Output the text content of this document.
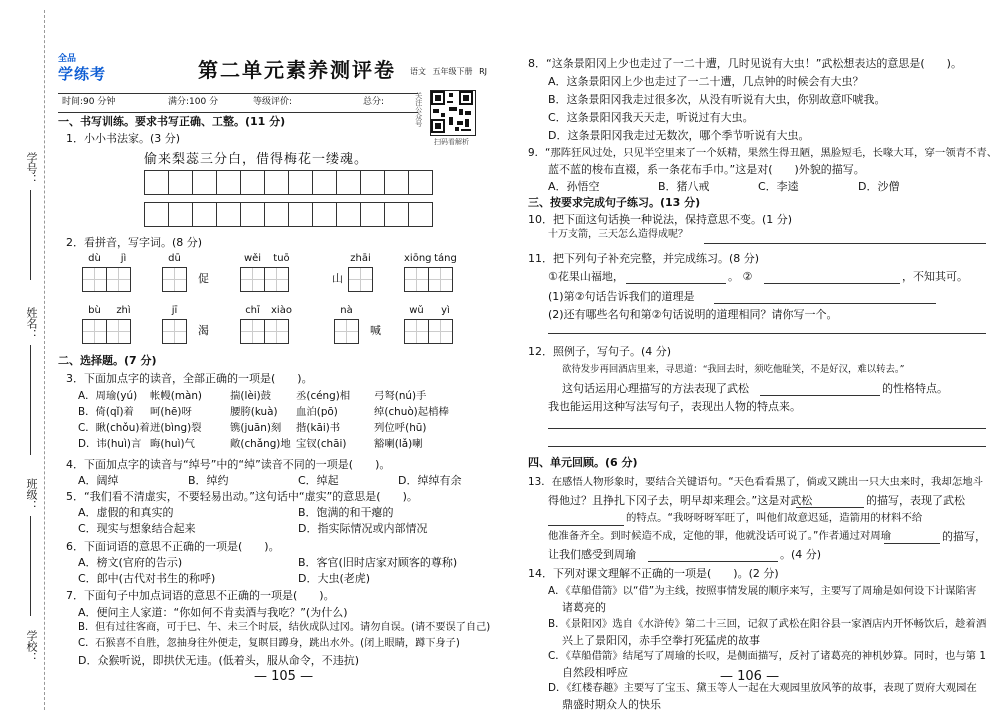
学号：
姓名：
班级：
学校：
全品
学练考	第二单元素养测评卷 语文 五年级下册 RJ
关注公众号
扫码看解析
时间:90 分钟	满分:100 分	等级评价:	总分:
一、书写训练。要求书写正确、工整。(11 分)
1．小小书法家。(3 分)
偷来梨蕊三分白，借得梅花一缕魂。
2．看拼音，写字词。(8 分)
dù	jì	dū
促
wěi	tuō
山
zhāi	xiōng táng
bù	zhì	jī
渴
chī	xiào	nà
喊
wǔ	yì
二、选择题。(7 分)
3．下面加点字的读音，全部正确的一项是(　　)。
A．周瑜(yú) 帐幔(màn)	揣(lèi)鼓 丞(céng)相 弓弩(nú)手
B．倚(qǐ)着 呵(hē)呀	腰胯(kuà) 血泊(pō)	绰(chuò)起梢棒
C．瞅(chǒu)着 迸(bìng)裂	镌(juān)刻 揩(kāi)书	列位呼(hū)
D．讳(huì)言 晦(huì)气	敞(chǎng)地 宝钗(chāi)	豁喇(lǎ)喇
4．下面加点字的读音与“绰号”中的“绰”读音不同的一项是(　　)。
A．阔绰	B．绰约	C．绰起	D．绰绰有余
5．“我们看不清虚实，不要轻易出动。”这句话中“虚实”的意思是(　　)。
A．虚假的和真实的	B．饱满的和干瘪的
C．现实与想象结合起来	D．指实际情况或内部情况
6．下面词语的意思不正确的一项是(　　)。
A．榜文(官府的告示)	B．客官(旧时店家对顾客的尊称)
C．郎中(古代对书生的称呼)	D．大虫(老虎)
7．下面句子中加点词语的意思不正确的一项是(　　)。
A．便问主人家道：“你如何不肯卖酒与我吃？”(为什么)
B．但有过往客商，可于巳、午、未三个时辰，结伙成队过冈。请勿自误。(请不要误了自己)
C．石猴喜不自胜，忽抽身往外便走，复瞑目蹲身，跳出水外。(闭上眼睛，蹲下身子)
D．众猴听说，即拱伏无违。(低着头，服从命令，不违抗)
— 105 —
8．“这条景阳冈上少也走过了一二十遭，几时见说有大虫！”武松想表达的意思是(　　)。
A．这条景阳冈上少也走过了一二十遭，几点钟的时候会有大虫？
B．这条景阳冈我走过很多次，从没有听说有大虫，你别故意吓唬我。
C．这条景阳冈我天天走，听说过有大虫。
D．这条景阳冈我走过无数次，哪个季节听说有大虫。
9．“那阵狂风过处，只见半空里来了一个妖精，果然生得丑陋，黑脸短毛，长喙大耳，穿一领青不青、
蓝不蓝的梭布直裰，系一条花布手巾。”这是对(　　)外貌的描写。
A．孙悟空	B．猪八戒	C．李逵	D．沙僧
三、按要求完成句子练习。(13 分)
10．把下面这句话换一种说法，保持意思不变。(1 分)
十万支箭，三天怎么造得成呢？
11．把下列句子补充完整，并完成练习。(8 分)
①花果山福地，	。 ②	，不知其可。
(1)第②句话告诉我们的道理是
(2)还有哪些名句和第②句话说明的道理相同？请你写一个。
12．照例子，写句子。(4 分)
欲待发步再回酒店里来，寻思道：“我回去时，须吃他耻笑，不是好汉，难以转去。”
这句话运用心理描写的方法表现了武松	的性格特点。
我也能运用这种写法写句子，表现出人物的特点来。
四、单元回顾。(6 分)
13．在感悟人物形象时，要结合关键语句。“天色看看黑了，倘或又跳出一只大虫来时，我却怎地斗
得他过？且挣扎下冈子去，明早却来理会。”这是对武松	的描写，表现了武松
的特点。“我呀呀呀军旺了，叫他们故意迟延，造箭用的材料不给
他准备齐全。到时候造不成，定他的罪，他就没话可说了。”作者通过对周瑜	的描写，
让我们感受到周瑜	。(4 分)
14．下列对课文理解不正确的一项是(　　)。(2 分)
A．《草船借箭》以“借”为主线，按照事情发展的顺序来写，主要写了周瑜是如何设下计谋陷害
诸葛亮的
B．《景阳冈》选自《水浒传》第二十三回，记叙了武松在阳谷县一家酒店内开怀畅饮后，趁着酒
兴上了景阳冈，赤手空拳打死猛虎的故事
C．《草船借箭》结尾写了周瑜的长叹，是侧面描写，反衬了诸葛亮的神机妙算。同时，也与第 1
自然段相呼应
D．《红楼春趣》主要写了宝玉、黛玉等人一起在大观园里放风筝的故事，表现了贾府大观园在
鼎盛时期众人的快乐
— 106 —
